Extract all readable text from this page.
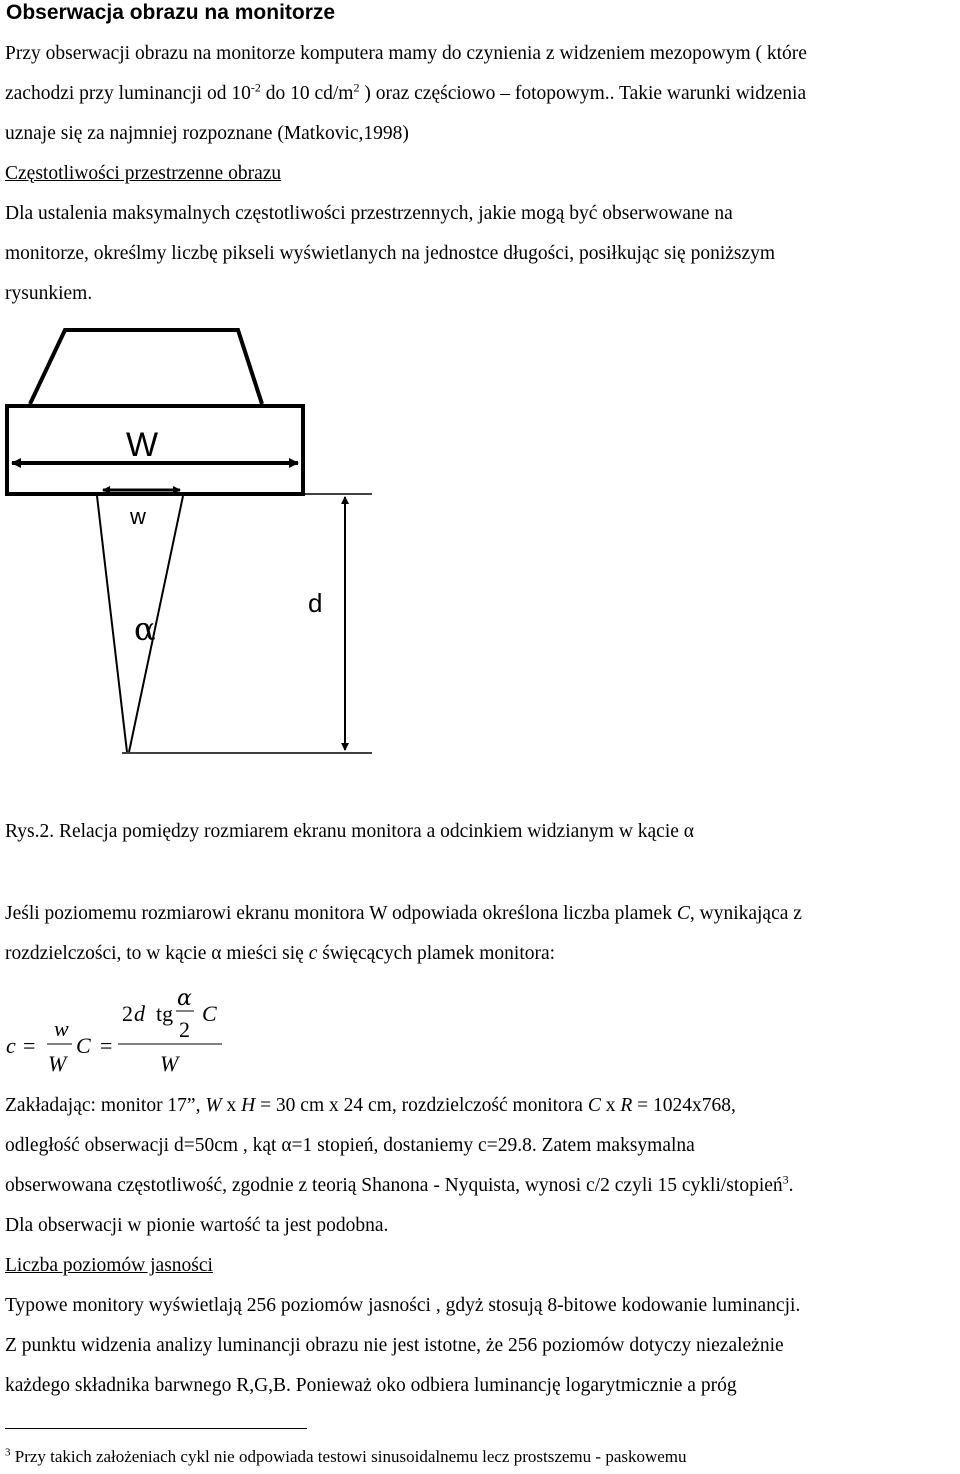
Obserwacja obrazu na monitorze
Przy obserwacji obrazu na monitorze komputera mamy do czynienia z widzeniem mezopowym ( które
zachodzi przy luminancji od $10^{-2}$ do 10 $cd/m^2$ ) oraz częściowo – fotopowym.. Takie warunki widzenia
uznaje się za najmniej rozpoznane (Matkovic,1998)
Częstotliwości przestrzenne obrazu
Dla ustalenia maksymalnych częstotliwości przestrzennych, jakie mogą być obserwowane na
monitorze, określmy liczbę pikseli wyświetlanych na jednostce długości, posiłkując się poniższym
rysunkiem.
W
w
α
d
Rys.2. Relacja pomiędzy rozmiarem ekranu monitora a odcinkiem widzianym w kącie α
Jeśli poziomemu rozmiarowi ekranu monitora W odpowiada określona liczba plamek C, wynikająca z
rozdzielczości, to w kącie α mieści się c święcących plamek monitora:
c =
w
W
C =
2 d tg
α
2
C
W
Zakładając: monitor 17”, W x H = 30 cm x 24 cm, rozdzielczość monitora C x R = 1024x768,
odległość obserwacji d=50cm , kąt α=1 stopień, dostaniemy c=29.8. Zatem maksymalna
obserwowana częstotliwość, zgodnie z teorią Shanona - Nyquista, wynosi c/2 czyli 15 cykli/stopień$^3$.
Dla obserwacji w pionie wartość ta jest podobna.
Liczba poziomów jasności
Typowe monitory wyświetlają 256 poziomów jasności , gdyż stosują 8-bitowe kodowanie luminancji.
Z punktu widzenia analizy luminancji obrazu nie jest istotne, że 256 poziomów dotyczy niezależnie
każdego składnika barwnego R,G,B. Ponieważ oko odbiera luminancję logarytmicznie a próg
$^3$ Przy takich założeniach cykl nie odpowiada testowi sinusoidalnemu lecz prostszemu - paskowemu
